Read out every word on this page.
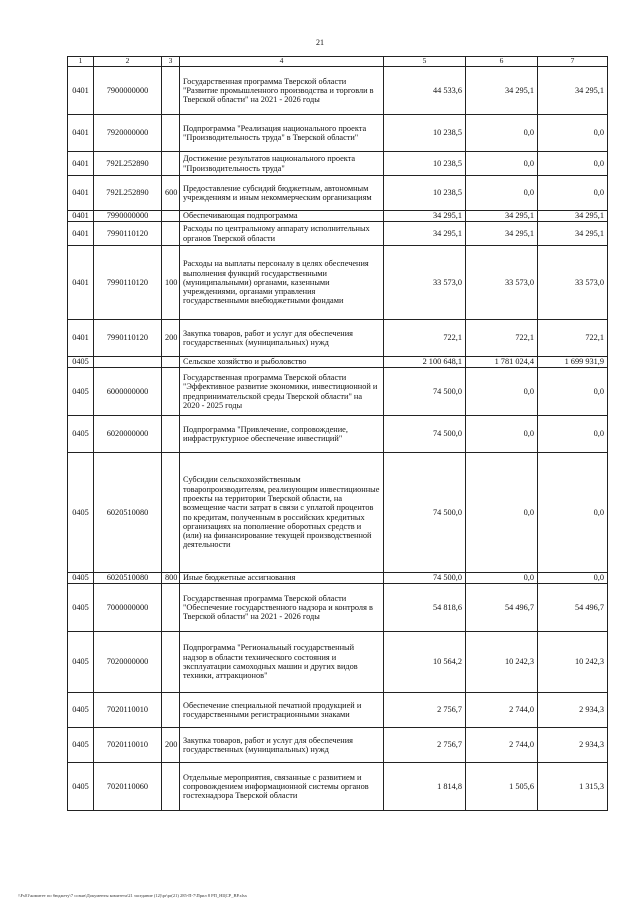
21
1	2	3	4	5	6	7
0401	7900000000		Государственная программа Тверской области "Развитие промышленного производства и торговли в Тверской области" на 2021 - 2026 годы	44 533,6	34 295,1	34 295,1
0401	7920000000		Подпрограмма "Реализация национального проекта "Производительность труда" в Тверской области"	10 238,5	0,0	0,0
0401	792L252890		Достижение результатов национального проекта "Производительность труда"	10 238,5	0,0	0,0
0401	792L252890	600	Предоставление субсидий бюджетным, автономным учреждениям и иным некоммерческим организациям	10 238,5	0,0	0,0
0401	7990000000		Обеспечивающая подпрограмма	34 295,1	34 295,1	34 295,1
0401	7990110120		Расходы по центральному аппарату исполнительных органов Тверской области	34 295,1	34 295,1	34 295,1
0401	7990110120	100	Расходы на выплаты персоналу в целях обеспечения выполнения функций государственными (муниципальными) органами, казенными учреждениями, органами управления государственными внебюджетными фондами	33 573,0	33 573,0	33 573,0
0401	7990110120	200	Закупка товаров, работ и услуг для обеспечения государственных (муниципальных) нужд	722,1	722,1	722,1
0405			Сельское хозяйство и рыболовство	2 100 648,1	1 781 024,4	1 699 931,9
0405	6000000000		Государственная программа Тверской области "Эффективное развитие экономики, инвестиционной и предпринимательской среды Тверской области" на 2020 - 2025 годы	74 500,0	0,0	0,0
0405	6020000000		Подпрограмма "Привлечение, сопровождение, инфраструктурное обеспечение инвестиций"	74 500,0	0,0	0,0
0405	6020510080		Субсидии сельскохозяйственным товаропроизводителям, реализующим инвестиционные проекты на территории Тверской области, на возмещение части затрат в связи с уплатой процентов по кредитам, полученным в российских кредитных организациях на пополнение оборотных средств и (или) на финансирование текущей производственной деятельности	74 500,0	0,0	0,0
0405	6020510080	800	Иные бюджетные ассигнования	74 500,0	0,0	0,0
0405	7000000000		Государственная программа Тверской области "Обеспечение государственного надзора и контроля в Тверской области" на 2021 - 2026 годы	54 818,6	54 496,7	54 496,7
0405	7020000000		Подпрограмма "Региональный государственный надзор в области технического состояния и эксплуатации самоходных машин и других видов техники, аттракционов"	10 564,2	10 242,3	10 242,3
0405	7020110010		Обеспечение специальной печатной продукцией и государственными регистрационными знаками	2 756,7	2 744,0	2 934,3
0405	7020110010	200	Закупка товаров, работ и услуг для обеспечения государственных (муниципальных) нужд	2 756,7	2 744,0	2 934,3
0405	7020110060		Отдельные мероприятия, связанные с развитием и сопровождением информационной системы органов гостехнадзора Тверской области	1 814,8	1 505,6	1 315,3
\\Fs01\комитет по бюджету\7 созыв\Документы комитета\21 заседание (12)\pr\pr(21) 285-П-7\Прил 8 РП_НЦСР_ВР.xlsx
